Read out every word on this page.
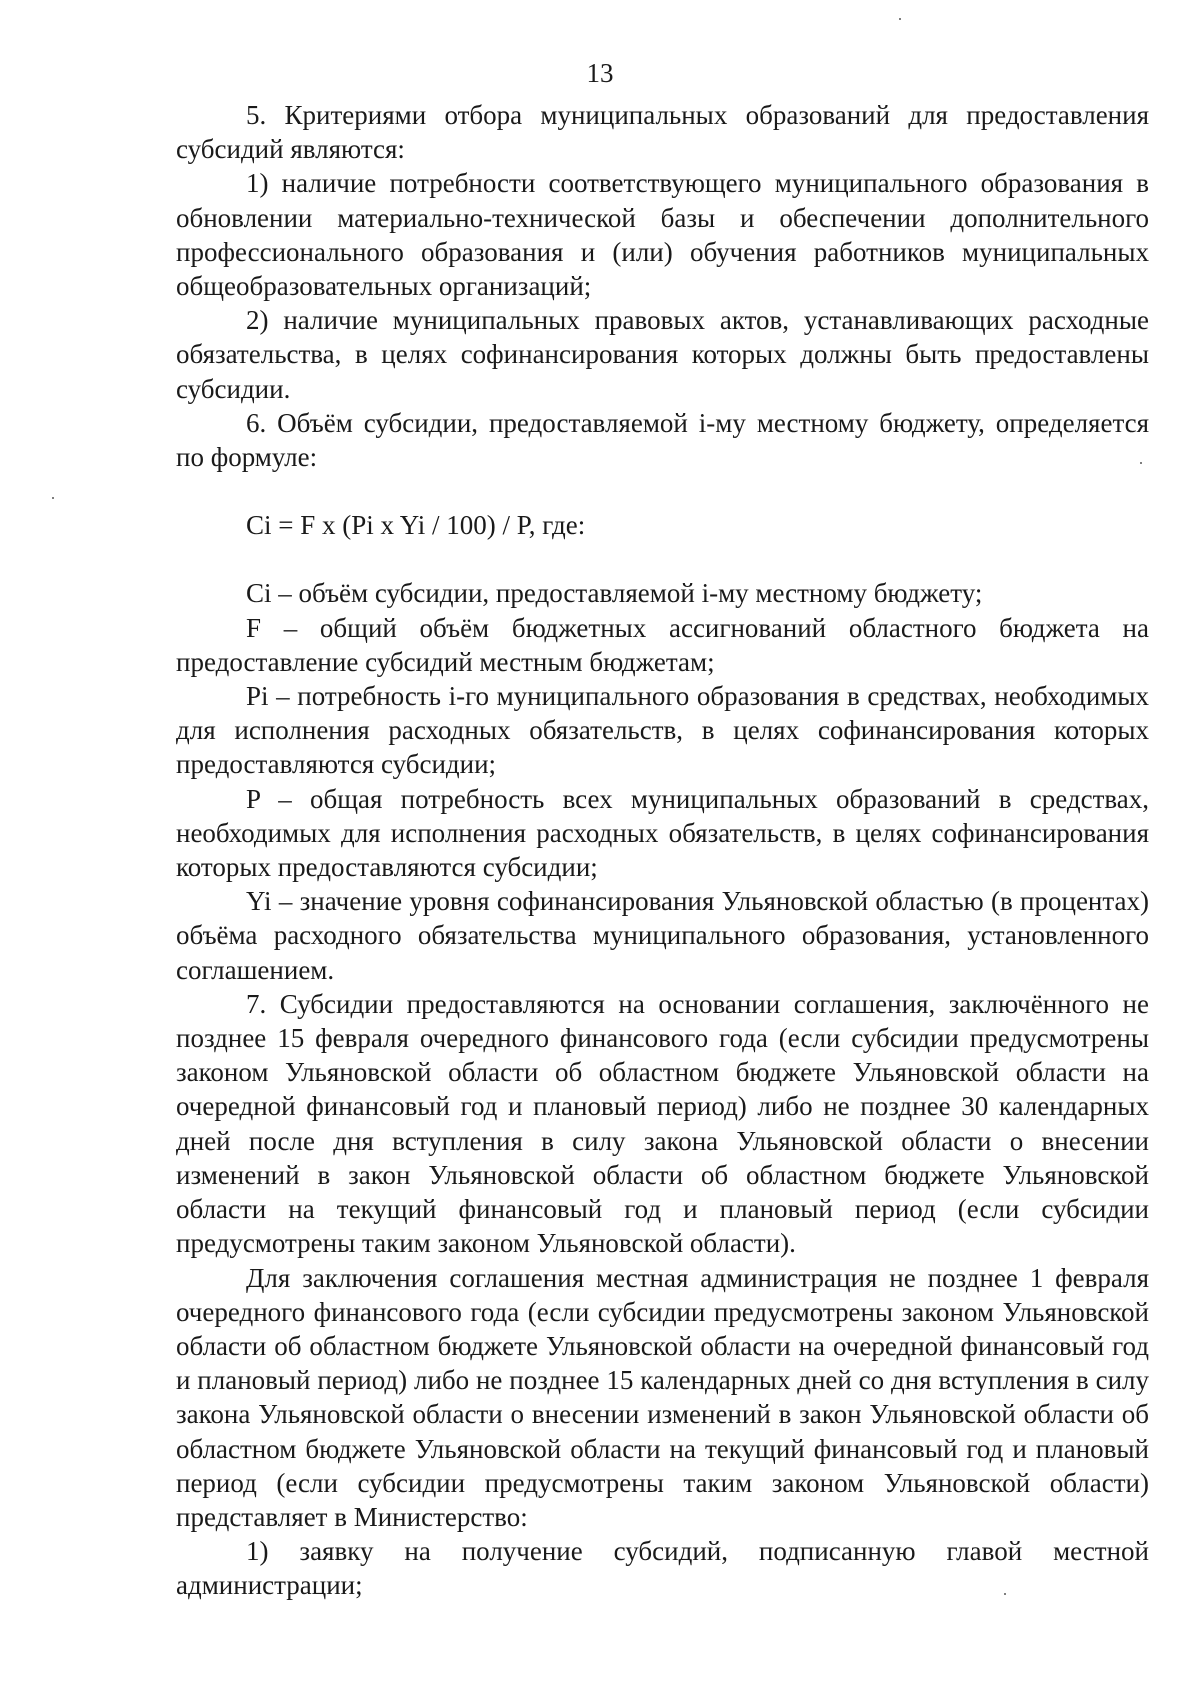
13

5. Критериями отбора муниципальных образований для предоставления субсидий являются:

1) наличие потребности соответствующего муниципального образования в обновлении материально-технической базы и обеспечении дополнительного профессионального образования и (или) обучения работников муниципальных общеобразовательных организаций;

2) наличие муниципальных правовых актов, устанавливающих расходные обязательства, в целях софинансирования которых должны быть предоставлены субсидии.

6. Объём субсидии, предоставляемой i-му местному бюджету, определяется по формуле:

Ci = F x (Pi x Yi / 100) / P, где:

Ci – объём субсидии, предоставляемой i-му местному бюджету;

F – общий объём бюджетных ассигнований областного бюджета на предоставление субсидий местным бюджетам;

Pi – потребность i-го муниципального образования в средствах, необходимых для исполнения расходных обязательств, в целях софинансирования которых предоставляются субсидии;

P – общая потребность всех муниципальных образований в средствах, необходимых для исполнения расходных обязательств, в целях софинансирования которых предоставляются субсидии;

Yi – значение уровня софинансирования Ульяновской областью (в процентах) объёма расходного обязательства муниципального образования, установленного соглашением.

7. Субсидии предоставляются на основании соглашения, заключённого не позднее 15 февраля очередного финансового года (если субсидии предусмотрены законом Ульяновской области об областном бюджете Ульяновской области на очередной финансовый год и плановый период) либо не позднее 30 календарных дней после дня вступления в силу закона Ульяновской области о внесении изменений в закон Ульяновской области об областном бюджете Ульяновской области на текущий финансовый год и плановый период (если субсидии предусмотрены таким законом Ульяновской области).

Для заключения соглашения местная администрация не позднее 1 февраля очередного финансового года (если субсидии предусмотрены законом Ульяновской области об областном бюджете Ульяновской области на очередной финансовый год и плановый период) либо не позднее 15 календарных дней со дня вступления в силу закона Ульяновской области о внесении изменений в закон Ульяновской области об областном бюджете Ульяновской области на текущий финансовый год и плановый период (если субсидии предусмотрены таким законом Ульяновской области) представляет в Министерство:

1) заявку на получение субсидий, подписанную главой местной администрации;
